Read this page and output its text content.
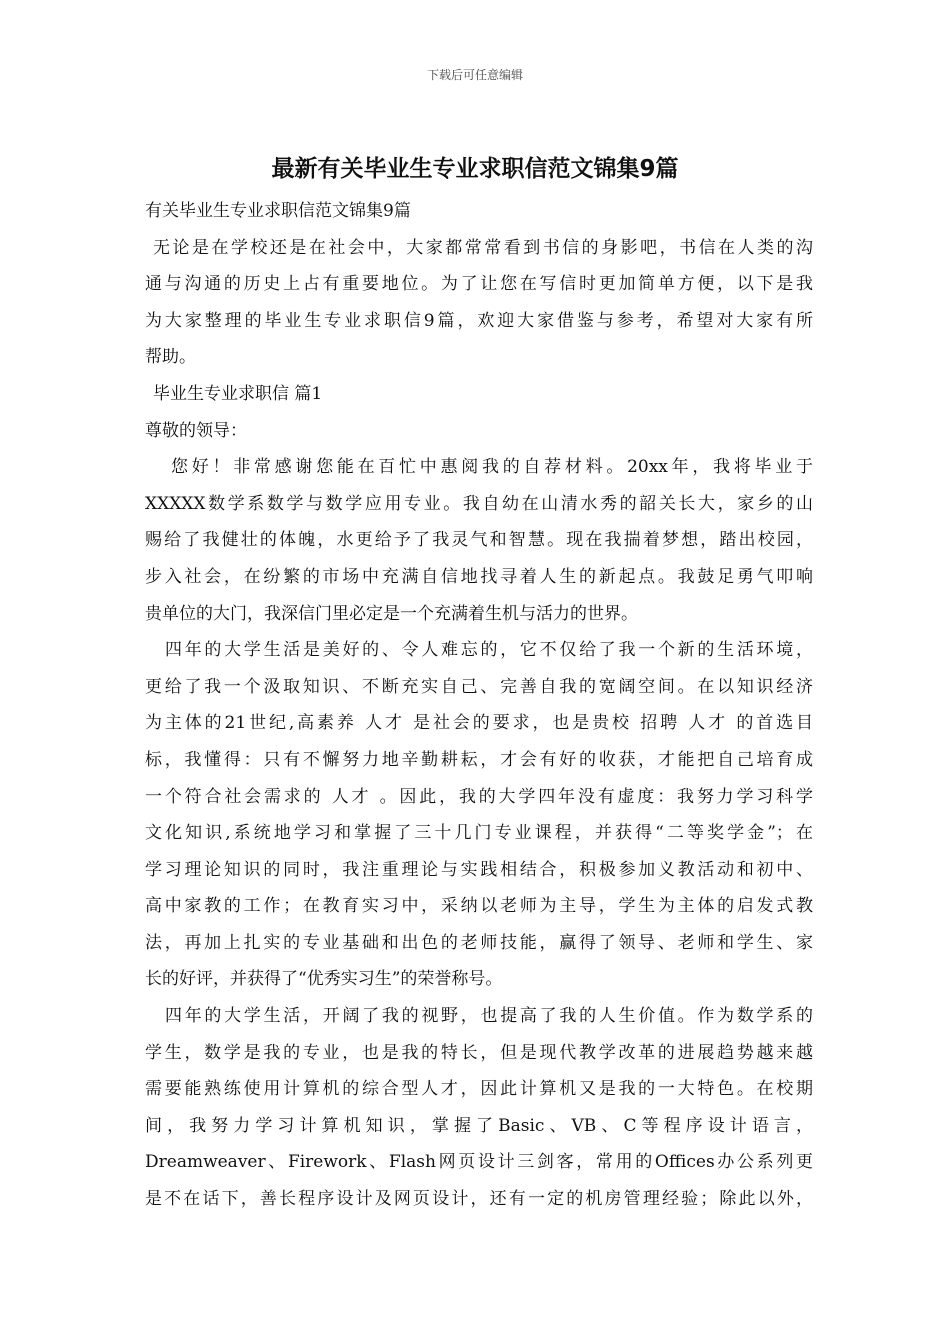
下载后可任意编辑
最新有关毕业生专业求职信范文锦集9篇

有关毕业生专业求职信范文锦集9篇

无论是在学校还是在社会中，大家都常常看到书信的身影吧，书信在人类的沟

通与沟通的历史上占有重要地位。为了让您在写信时更加简单方便，以下是我

为大家整理的毕业生专业求职信9篇，欢迎大家借鉴与参考，希望对大家有所

帮助。

毕业生专业求职信 篇1

尊敬的领导：

您好！非常感谢您能在百忙中惠阅我的自荐材料。20xx年，我将毕业于

XXXXX数学系数学与数学应用专业。我自幼在山清水秀的韶关长大，家乡的山

赐给了我健壮的体魄，水更给予了我灵气和智慧。现在我揣着梦想，踏出校园，

步入社会，在纷繁的市场中充满自信地找寻着人生的新起点。我鼓足勇气叩响

贵单位的大门，我深信门里必定是一个充满着生机与活力的世界。

四年的大学生活是美好的、令人难忘的，它不仅给了我一个新的生活环境，

更给了我一个汲取知识、不断充实自己、完善自我的宽阔空间。在以知识经济

为主体的21世纪,高素养 人才 是社会的要求，也是贵校 招聘 人才 的首选目

标，我懂得：只有不懈努力地辛勤耕耘，才会有好的收获，才能把自己培育成

一个符合社会需求的 人才 。因此，我的大学四年没有虚度：我努力学习科学

文化知识,系统地学习和掌握了三十几门专业课程，并获得“二等奖学金”；在

学习理论知识的同时，我注重理论与实践相结合，积极参加义教活动和初中、

高中家教的工作；在教育实习中，采纳以老师为主导，学生为主体的启发式教

法，再加上扎实的专业基础和出色的老师技能，赢得了领导、老师和学生、家

长的好评，并获得了“优秀实习生”的荣誉称号。

四年的大学生活，开阔了我的视野，也提高了我的人生价值。作为数学系的

学生，数学是我的专业，也是我的特长，但是现代教学改革的进展趋势越来越

需要能熟练使用计算机的综合型人才，因此计算机又是我的一大特色。在校期

间，我努力学习计算机知识，掌握了Basic、VB、C等程序设计语言，

Dreamweaver、Firework、Flash网页设计三剑客，常用的Offices办公系列更

是不在话下，善长程序设计及网页设计，还有一定的机房管理经验；除此以外，
